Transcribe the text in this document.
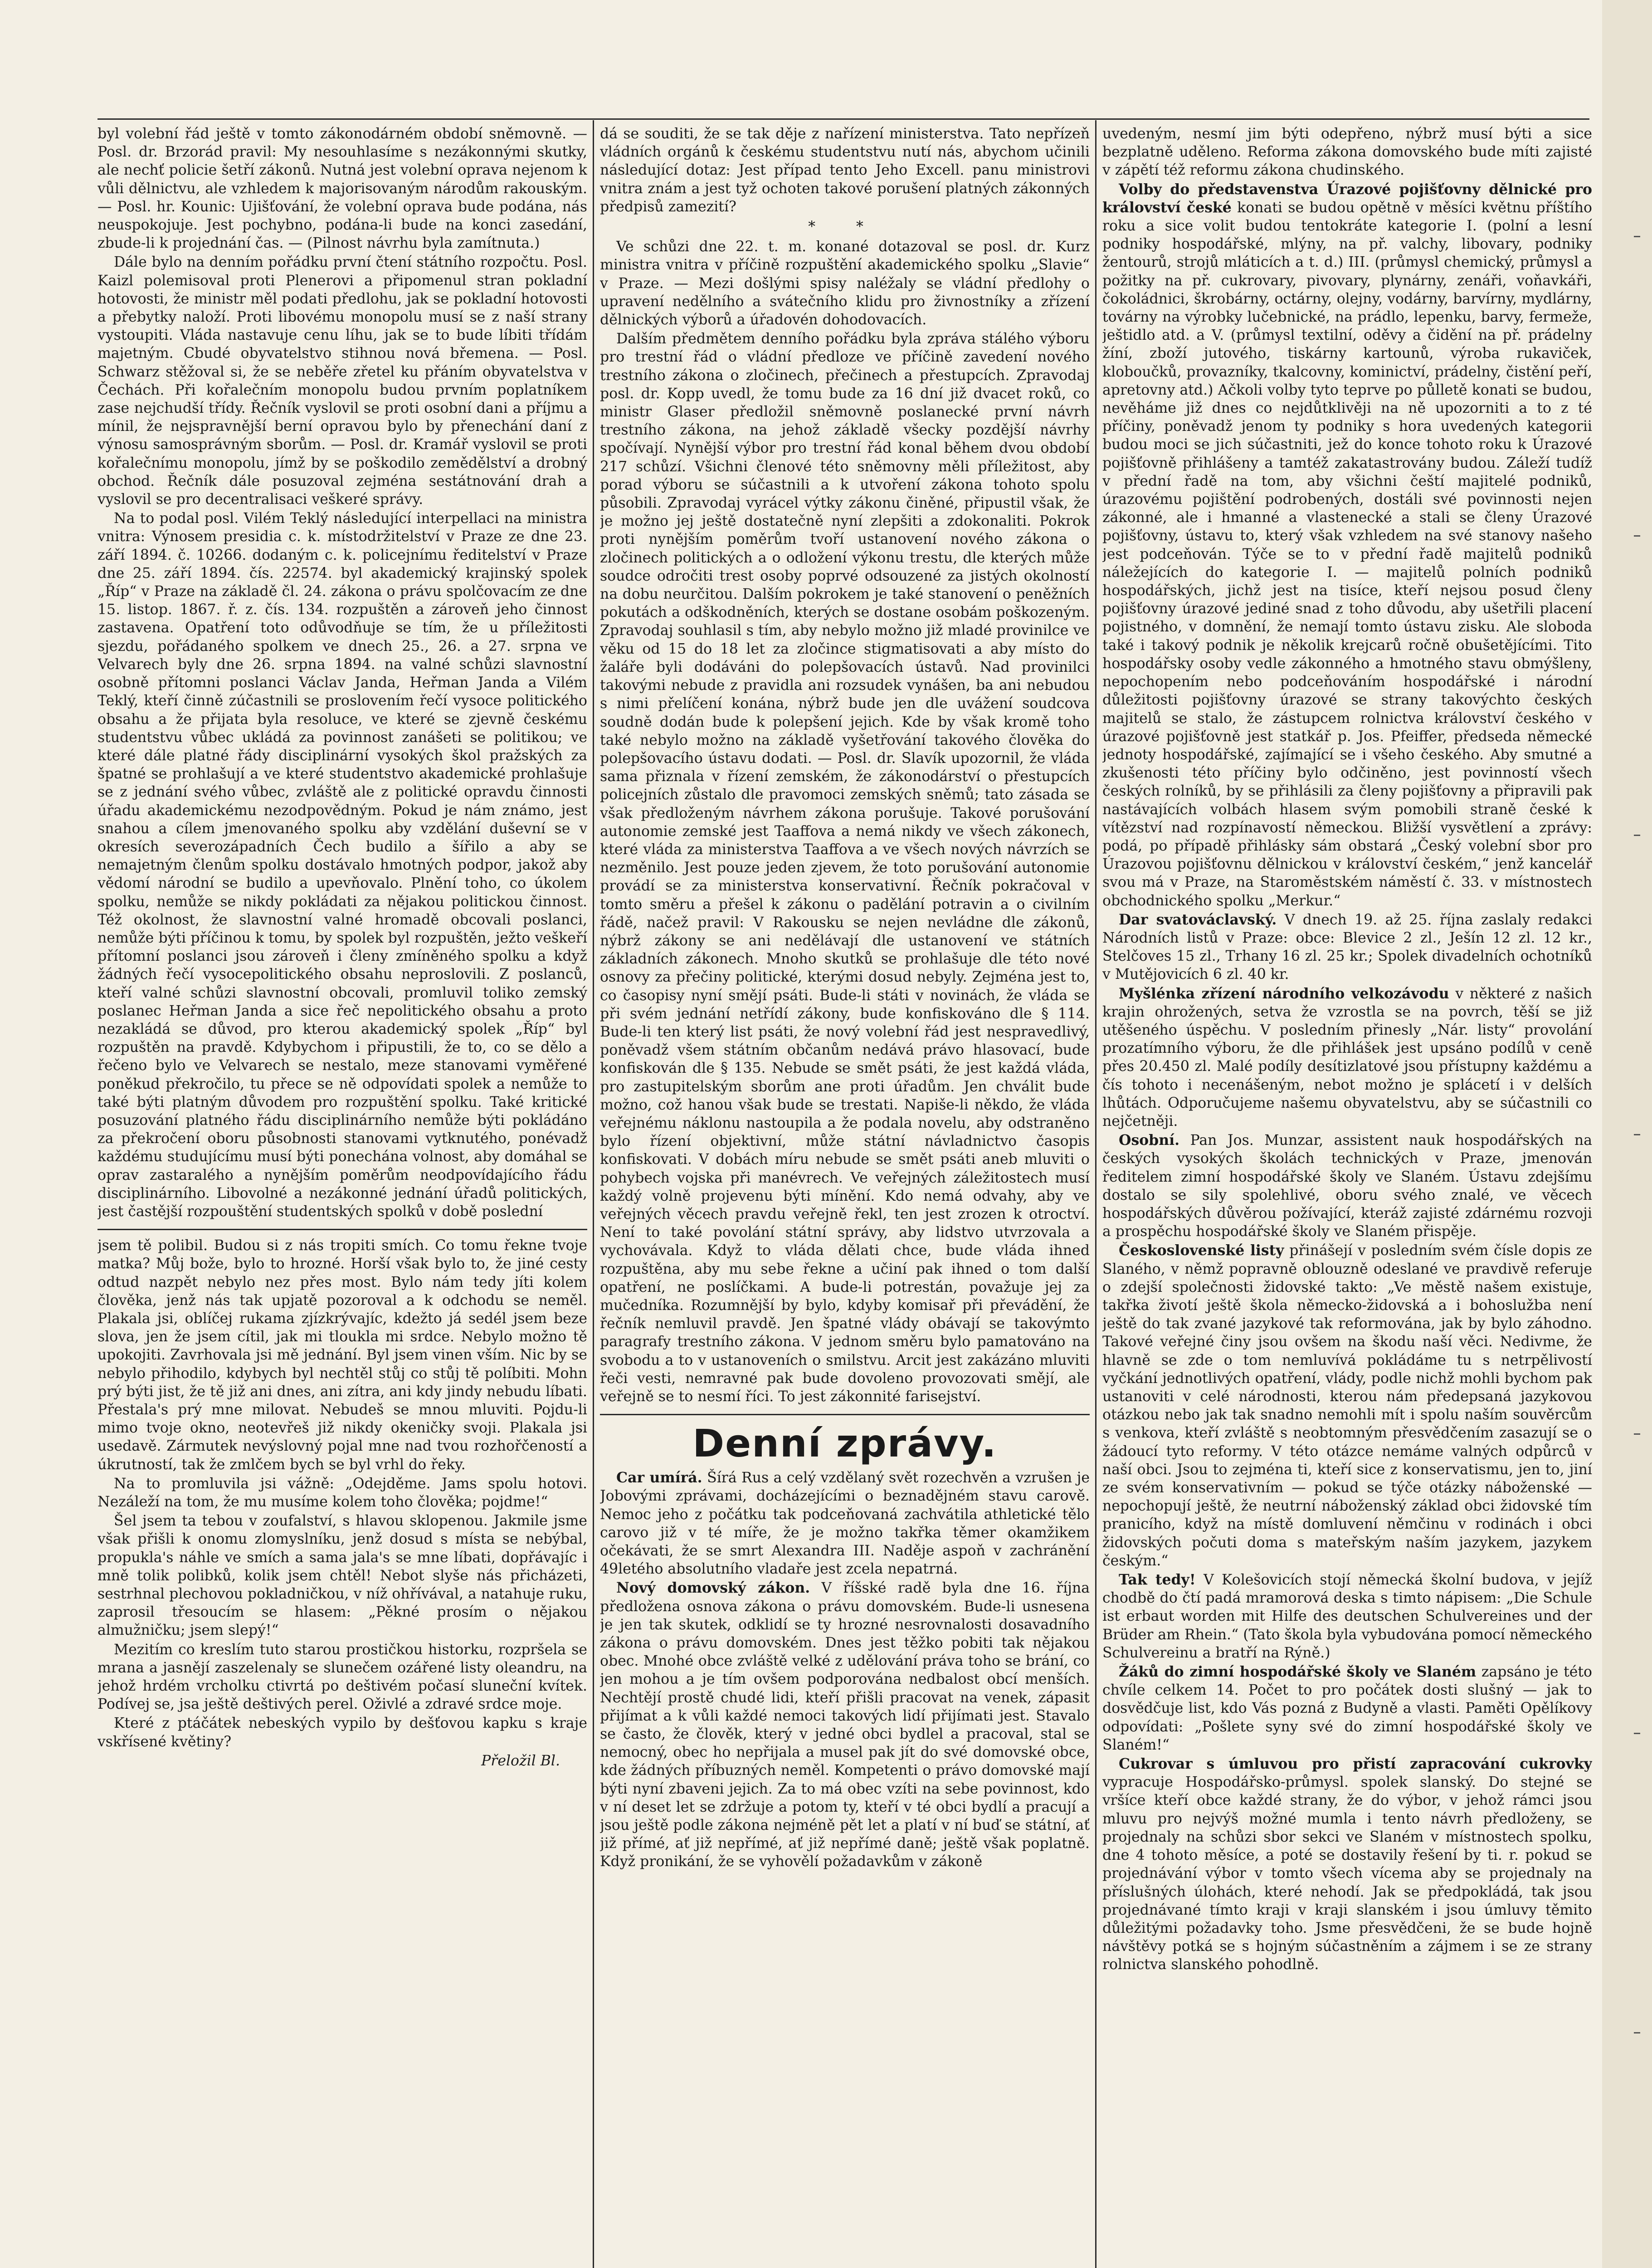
byl volební řád ještě v tomto zákonodárném období sněmovně. — Posl. dr. Brzorád pravil: My nesouhlasíme s nezákonnými skutky, ale nechť policie šetří zákonů. Nutná jest volební oprava nejenom k vůli dělnictvu, ale vzhledem k majorisovaným národům rakouským. — Posl. hr. Kounic: Ujišťování, že volební oprava bude podána, nás neuspokojuje. Jest pochybno, podána-li bude na konci zasedání, zbude-li k projednání čas. — (Pilnost návrhu byla zamítnuta.)

Dále bylo na denním pořádku první čtení státního rozpočtu. Posl. Kaizl polemisoval proti Plenerovi a připomenul stran pokladní hotovosti, že ministr měl podati předlohu, jak se pokladní hotovosti a přebytky naloží. Proti libovému monopolu musí se z naší strany vystoupiti. Vláda nastavuje cenu líhu, jak se to bude líbiti třídám majetným. Cbudé obyvatelstvo stihnou nová břemena. — Posl. Schwarz stěžoval si, že se neběře zřetel ku přáním obyvatelstva v Čechách. Při kořalečním monopolu budou prvním poplatníkem zase nejchudší třídy. Řečník vyslovil se proti osobní dani a příjmu a mínil, že nejspravnější berní opravou bylo by přenechání daní z výnosu samosprávným sborům. — Posl. dr. Kramář vyslovil se proti kořalečnímu monopolu, jímž by se poškodilo zemědělství a drobný obchod. Řečník dále posuzoval zejména sestátnování drah a vyslovil se pro decentralisaci veškeré správy.

Na to podal posl. Vilém Teklý následující interpellaci na ministra vnitra: Výnosem presidia c. k. místodržitelství v Praze ze dne 23. září 1894. č. 10266. dodaným c. k. policejnímu ředitelství v Praze dne 25. září 1894. čís. 22574. byl akademický krajinský spolek „Říp“ v Praze na základě čl. 24. zákona o právu spolčovacím ze dne 15. listop. 1867. ř. z. čís. 134. rozpuštěn a zároveň jeho činnost zastavena. Opatření toto odůvodňuje se tím, že u příležitosti sjezdu, pořádaného spolkem ve dnech 25., 26. a 27. srpna ve Velvarech byly dne 26. srpna 1894. na valné schůzi slavnostní osobně přítomni poslanci Václav Janda, Heřman Janda a Vilém Teklý, kteří činně zúčastnili se proslovením řečí vysoce politického obsahu a že přijata byla resoluce, ve které se zjevně českému studentstvu vůbec ukládá za povinnost zanášeti se politikou; ve které dále platné řády disciplinární vysokých škol pražských za špatné se prohlašují a ve které studentstvo akademické prohlašuje se z jednání svého vůbec, zvláště ale z politické opravdu činnosti úřadu akademickému nezodpovědným. Pokud je nám známo, jest snahou a cílem jmenovaného spolku aby vzdělání duševní se v okresích severozápadních Čech budilo a šířilo a aby se nemajetným členům spolku dostávalo hmotných podpor, jakož aby vědomí národní se budilo a upevňovalo. Plnění toho, co úkolem spolku, nemůže se nikdy pokládati za nějakou politickou činnost. Též okolnost, že slavnostní valné hromadě obcovali poslanci, nemůže býti příčinou k tomu, by spolek byl rozpuštěn, ježto veškeří přítomní poslanci jsou zároveň i členy zmíněného spolku a když žádných řečí vysocepolitického obsahu neproslovili. Z poslanců, kteří valné schůzi slavnostní obcovali, promluvil toliko zemský poslanec Heřman Janda a sice řeč nepolitického obsahu a proto nezakládá se důvod, pro kterou akademický spolek „Říp“ byl rozpuštěn na pravdě. Kdybychom i připustili, že to, co se dělo a řečeno bylo ve Velvarech se nestalo, meze stanovami vyměřené poněkud překročilo, tu přece se ně odpovídati spolek a nemůže to také býti platným důvodem pro rozpuštění spolku. Také kritické posuzování platného řádu disciplinárního nemůže býti pokládáno za překročení oboru působnosti stanovami vytknutého, ponévadž každému studujícímu musí býti ponechána volnost, aby domáhal se oprav zastaralého a nynějším poměrům neodpovídajícího řádu disciplinárního. Libovolné a nezákonné jednání úřadů politických, jest častější rozpouštění studentských spolků v době poslední

jsem tě polibil. Budou si z nás tropiti smích. Co tomu řekne tvoje matka? Můj bože, bylo to hrozné. Horší však bylo to, že jiné cesty odtud nazpět nebylo nez přes most. Bylo nám tedy jíti kolem člověka, jenž nás tak upjatě pozoroval a k odchodu se neměl. Plakala jsi, oblíčej rukama zjízkrývajíc, kdežto já sedél jsem beze slova, jen že jsem cítil, jak mi tloukla mi srdce. Nebylo možno tě upokojiti. Zavrhovala jsi mě jednání. Byl jsem vinen vším. Nic by se nebylo přihodilo, kdybych byl nechtěl stůj co stůj tě políbiti. Mohn prý býti jist, že tě již ani dnes, ani zítra, ani kdy jindy nebudu líbati. Přestala's prý mne milovat. Nebudeš se mnou mluviti. Pojdu-li mimo tvoje okno, neotevřeš již nikdy okeničky svoji. Plakala jsi usedavě. Zármutek nevýslovný pojal mne nad tvou rozhořčeností a úkrutností, tak že zmlčem bych se byl vrhl do řeky.

Na to promluvila jsi vážně: „Odejděme. Jams spolu hotovi. Nezáleží na tom, že mu musíme kolem toho člověka; pojdme!“

Šel jsem ta tebou v zoufalství, s hlavou sklopenou. Jakmile jsme však přišli k onomu zlomyslníku, jenž dosud s místa se nebýbal, propukla's náhle ve smích a sama jala's se mne líbati, dopřávajíc i mně tolik polibků, kolik jsem chtěl! Nebot slyše nás přicházeti, sestrhnal plechovou pokladničkou, v níž ohřívával, a natahuje ruku, zaprosil třesoucím se hlasem: „Pěkné prosím o nějakou almužničku; jsem slepý!“

Mezitím co kreslím tuto starou prostičkou historku, rozpršela se mrana a jasnějí zaszelenaly se slunečem ozářené listy oleandru, na jehož hrdém vrcholku ctivrtá po deštivém počasí sluneční kvítek. Podívej se, jsa ještě deštivých perel. Oživlé a zdravé srdce moje.

Které z ptáčátek nebeských vypilo by dešťovou kapku s kraje vskřísené květiny?

Přeložil Bl.

dá se souditi, že se tak děje z nařízení ministerstva. Tato nepřízeň vládních orgánů k českému studentstvu nutí nás, abychom učinili následující dotaz: Jest případ tento Jeho Excell. panu ministrovi vnitra znám a jest tyž ochoten takové porušení platných zákonných předpisů zamezití?

* *

Ve schůzi dne 22. t. m. konané dotazoval se posl. dr. Kurz ministra vnitra v příčině rozpuštění akademického spolku „Slavie“ v Praze. — Mezi došlými spisy naléžaly se vládní předlohy o upravení nedělního a svátečního klidu pro živnostníky a zřízení dělnických výborů a úřadovén dohodovacích.

Dalším předmětem denního pořádku byla zpráva stálého výboru pro trestní řád o vládní předloze ve příčině zavedení nového trestního zákona o zločinech, přečinech a přestupcích. Zpravodaj posl. dr. Kopp uvedl, že tomu bude za 16 dní již dvacet roků, co ministr Glaser předložil sněmovně poslanecké první návrh trestního zákona, na jehož základě všecky pozdější návrhy spočívají. Nynější výbor pro trestní řád konal během dvou období 217 schůzí. Všichni členové této sněmovny měli příležitost, aby porad výboru se súčastnili a k utvoření zákona tohoto spolu působili. Zpravodaj vyrácel výtky zákonu činěné, připustil však, že je možno jej ještě dostatečně nyní zlepšiti a zdokonaliti. Pokrok proti nynějším poměrům tvoří ustanovení nového zákona o zločinech politických a o odložení výkonu trestu, dle kterých může soudce odročiti trest osoby poprvé odsouzené za jistých okolností na dobu neurčitou. Dalším pokrokem je také stanovení o peněžních pokutách a odškodněních, kterých se dostane osobám poškozeným. Zpravodaj souhlasil s tím, aby nebylo možno již mladé provinilce ve věku od 15 do 18 let za zločince stigmatisovati a aby místo do žaláře byli dodáváni do polepšovacích ústavů. Nad provinilci takovými nebude z pravidla ani rozsudek vynášen, ba ani nebudou s nimi přelíčení konána, nýbrž bude jen dle uvážení soudcova soudně dodán bude k polepšení jejich. Kde by však kromě toho také nebylo možno na základě vyšetřování takového člověka do polepšovacího ústavu dodati. — Posl. dr. Slavík upozornil, že vláda sama přiznala v řízení zemském, že zákonodárství o přestupcích policejních zůstalo dle pravomoci zemských sněmů; tato zásada se však předloženým návrhem zákona porušuje. Takové porušování autonomie zemské jest Taaffova a nemá nikdy ve všech zákonech, které vláda za ministerstva Taaffova a ve všech nových návrzích se nezměnilo. Jest pouze jeden zjevem, že toto porušování autonomie provádí se za ministerstva konservativní. Řečník pokračoval v tomto směru a přešel k zákonu o padělání potravin a o civilním řádě, načež pravil: V Rakousku se nejen nevládne dle zákonů, nýbrž zákony se ani nedělávají dle ustanovení ve státních základních zákonech. Mnoho skutků se prohlašuje dle této nové osnovy za přečiny politické, kterými dosud nebyly. Zejména jest to, co časopisy nyní smějí psáti. Bude-li státi v novinách, že vláda se při svém jednání netřídí zákony, bude konfiskováno dle § 114. Bude-li ten který list psáti, že nový volební řád jest nespravedlivý, poněvadž všem státním občanům nedává právo hlasovací, bude konfiskován dle § 135. Nebude se smět psáti, že jest každá vláda, pro zastupitelským sborům ane proti úřadům. Jen chválit bude možno, což hanou však bude se trestati. Napiše-li někdo, že vláda veřejnému náklonu nastoupila a že podala novelu, aby odstraněno bylo řízení objektivní, může státní návladnictvo časopis konfiskovati. V dobách míru nebude se smět psáti aneb mluviti o pohybech vojska při manévrech. Ve veřejných záležitostech musí každý volně projevenu býti mínění. Kdo nemá odvahy, aby ve veřejných věcech pravdu veřejně řekl, ten jest zrozen k otroctví. Není to také povolání státní správy, aby lidstvo utvrzovala a vychovávala. Když to vláda dělati chce, bude vláda ihned rozpuštěna, aby mu sebe řekne a učiní pak ihned o tom další opatření, ne poslíčkami. A bude-li potrestán, považuje jej za mučedníka. Rozumnější by bylo, kdyby komisař při převádění, že řečník nemluvil pravdě. Jen špatné vlády obávají se takovýmto paragrafy trestního zákona. V jednom směru bylo pamatováno na svobodu a to v ustanoveních o smilstvu. Arcit jest zakázáno mluviti řeči vesti, nemravné pak bude dovoleno provozovati smějí, ale veřejně se to nesmí říci. To jest zákonnité farisejství.

Denní zprávy.

Car umírá. Šírá Rus a celý vzdělaný svět rozechvěn a vzrušen je Jobovými zprávami, docházejícími o beznadějném stavu carově. Nemoc jeho z počátku tak podceňovaná zachvátila athletické tělo carovo již v té míře, že je možno takřka těmer okamžikem očekávati, že se smrt Alexandra III. Naděje aspoň v zachránění 49letého absolutního vladaře jest zcela nepatrná.

Nový domovský zákon. V říšské radě byla dne 16. října předložena osnova zákona o právu domovském. Bude-li usnesena je jen tak skutek, odklidí se ty hrozné nesrovnalosti dosavadního zákona o právu domovském. Dnes jest těžko pobiti tak nějakou obec. Mnohé obce zvláště velké z udělování práva toho se brání, co jen mohou a je tím ovšem podporována nedbalost obcí menších. Nechtějí prostě chudé lidi, kteří přišli pracovat na venek, zápasit přijímat a k vůli každé nemoci takových lidí přijímati jest. Stavalo se často, že člověk, který v jedné obci bydlel a pracoval, stal se nemocný, obec ho nepřijala a musel pak jít do své domovské obce, kde žádných příbuzných neměl. Kompetenti o právo domovské mají býti nyní zbaveni jejich. Za to má obec vzíti na sebe povinnost, kdo v ní deset let se zdržuje a potom ty, kteří v té obci bydlí a pracují a jsou ještě podle zákona nejméně pět let a platí v ní buď se státní, ať již přímé, ať již nepřímé, ať již nepřímé daně; ještě však poplatně. Když pronikání, že se vyhovělí požadavkům v zákoně

uvedeným, nesmí jim býti odepřeno, nýbrž musí býti a sice bezplatně uděleno. Reforma zákona domovského bude míti zajisté v zápětí též reformu zákona chudinského.

Volby do představenstva Úrazové pojišťovny dělnické pro království české konati se budou opětně v měsíci květnu příštího roku a sice volit budou tentokráte kategorie I. (polní a lesní podniky hospodářské, mlýny, na př. valchy, libovary, podniky žentourů, strojů mláticích a t. d.) III. (průmysl chemický, průmysl a požitky na př. cukrovary, pivovary, plynárny, zenáři, voňavkáři, čokoládnici, škrobárny, octárny, olejny, vodárny, barvírny, mydlárny, továrny na výrobky lučebnické, na prádlo, lepenku, barvy, fermeže, ještidlo atd. a V. (průmysl textilní, oděvy a čidění na př. prádelny žíní, zboží jutového, tiskárny kartounů, výroba rukaviček, kloboučků, provazníky, tkalcovny, kominictví, prádelny, čistění peří, apretovny atd.) Ačkoli volby tyto teprve po půlletě konati se budou, nevěháme již dnes co nejdůtklivěji na ně upozorniti a to z té příčiny, poněvadž jenom ty podniky s hora uvedených kategorii budou moci se jich súčastniti, jež do konce tohoto roku k Úrazové pojišťovně přihlášeny a tamtéž zakatastrovány budou. Záleží tudíž v přední řadě na tom, aby všichni čeští majitelé podniků, úrazovému pojištění podrobených, dostáli své povinnosti nejen zákonné, ale i hmanné a vlastenecké a stali se členy Úrazové pojišťovny, ústavu to, který však vzhledem na své stanovy našeho jest podceňován. Týče se to v přední řadě majitelů podniků náležejících do kategorie I. — majitelů polních podniků hospodářských, jichž jest na tisíce, kteří nejsou posud členy pojišťovny úrazové jediné snad z toho důvodu, aby ušetřili placení pojistného, v domnění, že nemají tomto ústavu zisku. Ale sloboda také i takový podnik je několik krejcarů ročně obušetějícími. Tito hospodářsky osoby vedle zákonného a hmotného stavu obmýšleny, nepochopením nebo podceňováním hospodářské i národní důležitosti pojišťovny úrazové se strany takovýchto českých majitelů se stalo, že zástupcem rolnictva království českého v úrazové pojišťovně jest statkář p. Jos. Pfeiffer, předseda německé jednoty hospodářské, zajímající se i všeho českého. Aby smutné a zkušenosti této příčiny bylo odčiněno, jest povinností všech českých rolníků, by se přihlásili za členy pojišťovny a připravili pak nastávajících volbách hlasem svým pomobili straně české k vítězství nad rozpínavostí německou. Bližší vysvětlení a zprávy: podá, po případě přihlásky sám obstará „Český volební sbor pro Úrazovou pojišťovnu dělnickou v království českém,“ jenž kancelář svou má v Praze, na Staroměstském náměstí č. 33. v místnostech obchodnického spolku „Merkur.“

Dar svatováclavský. V dnech 19. až 25. října zaslaly redakci Národních listů v Praze: obce: Blevice 2 zl., Ješín 12 zl. 12 kr., Stelčoves 15 zl., Trhany 16 zl. 25 kr.; Spolek divadelních ochotníků v Mutějovicích 6 zl. 40 kr.

Myšlénka zřízení národního velkozávodu v některé z našich krajin ohrožených, setva že vzrostla se na povrch, těší se již utěšeného úspěchu. V posledním přinesly „Nár. listy“ provolání prozatímního výboru, že dle přihlášek jest upsáno podílů v ceně přes 20.450 zl. Malé podíly desítizlatové jsou přístupny každému a čís tohoto i necenášeným, nebot možno je splácetí i v delších lhůtách. Odporučujeme našemu obyvatelstvu, aby se súčastnili co nejčetněji.

Osobní. Pan Jos. Munzar, assistent nauk hospodářských na českých vysokých školách technických v Praze, jmenován ředitelem zimní hospodářské školy ve Slaném. Ústavu zdejšímu dostalo se sily spolehlivé, oboru svého znalé, ve věcech hospodářských důvěrou požívající, kteráž zajisté zdárnému rozvoji a prospěchu hospodářské školy ve Slaném přispěje.

Československé listy přinášejí v posledním svém čísle dopis ze Slaného, v němž popravně oblouzně odeslané ve pravdivě referuje o zdejší společnosti židovské takto: „Ve městě našem existuje, takřka životí ještě škola německo-židovská a i bohoslužba není ještě do tak zvané jazykové tak reformována, jak by bylo záhodno. Takové veřejné činy jsou ovšem na škodu naší věci. Nedivme, že hlavně se zde o tom nemluvívá pokládáme tu s netrpělivostí vyčkání jednotlivých opatření, vlády, podle nichž mohli bychom pak ustanoviti v celé národnosti, kterou nám předepsaná jazykovou otázkou nebo jak tak snadno nemohli mít i spolu naším souvěrcům s venkova, kteří zvláště s neobtomným přesvědčením zasazují se o žádoucí tyto reformy. V této otázce nemáme valných odpůrců v naší obci. Jsou to zejména ti, kteří sice z konservatismu, jen to, jiní ze svém konservativním — pokud se týče otázky náboženské — nepochopují ještě, že neutrní náboženský základ obci židovské tím pranicího, když na místě domluvení němčinu v rodinách i obci židovských počuti doma s mateřským naším jazykem, jazykem českým.“

Tak tedy! V Kolešovicích stojí německá školní budova, v jejíž chodbě do čtí padá mramorová deska s timto nápisem: „Die Schule ist erbaut worden mit Hilfe des deutschen Schulvereines und der Brüder am Rhein.“ (Tato škola byla vybudována pomocí německého Schulvereinu a bratří na Rýně.)

Žáků do zimní hospodářské školy ve Slaném zapsáno je této chvíle celkem 14. Počet to pro počátek dosti slušný — jak to dosvědčuje list, kdo Vás pozná z Budyně a vlasti. Paměti Opělíkovy odpovídati: „Pošlete syny své do zimní hospodářské školy ve Slaném!“

Cukrovar s úmluvou pro přistí zapracování cukrovky vypracuje Hospodářsko-průmysl. spolek slanský. Do stejné se vršíce kteří obce každé strany, že do výbor, v jehož rámci jsou mluvu pro nejvýš možné mumla i tento návrh předloženy, se projednaly na schůzi sbor sekci ve Slaném v místnostech spolku, dne 4 tohoto měsíce, a poté se dostavily řešení by ti. r. pokud se projednávání výbor v tomto všech vícema aby se projednaly na příslušných úlohách, které nehodí. Jak se předpokládá, tak jsou projednávané tímto kraji v kraji slanském i jsou úmluvy těmito důležitými požadavky toho. Jsme přesvědčeni, že se bude hojně návštěvy potká se s hojným súčastněním a zájmem i se ze strany rolnictva slanského pohodlně.
